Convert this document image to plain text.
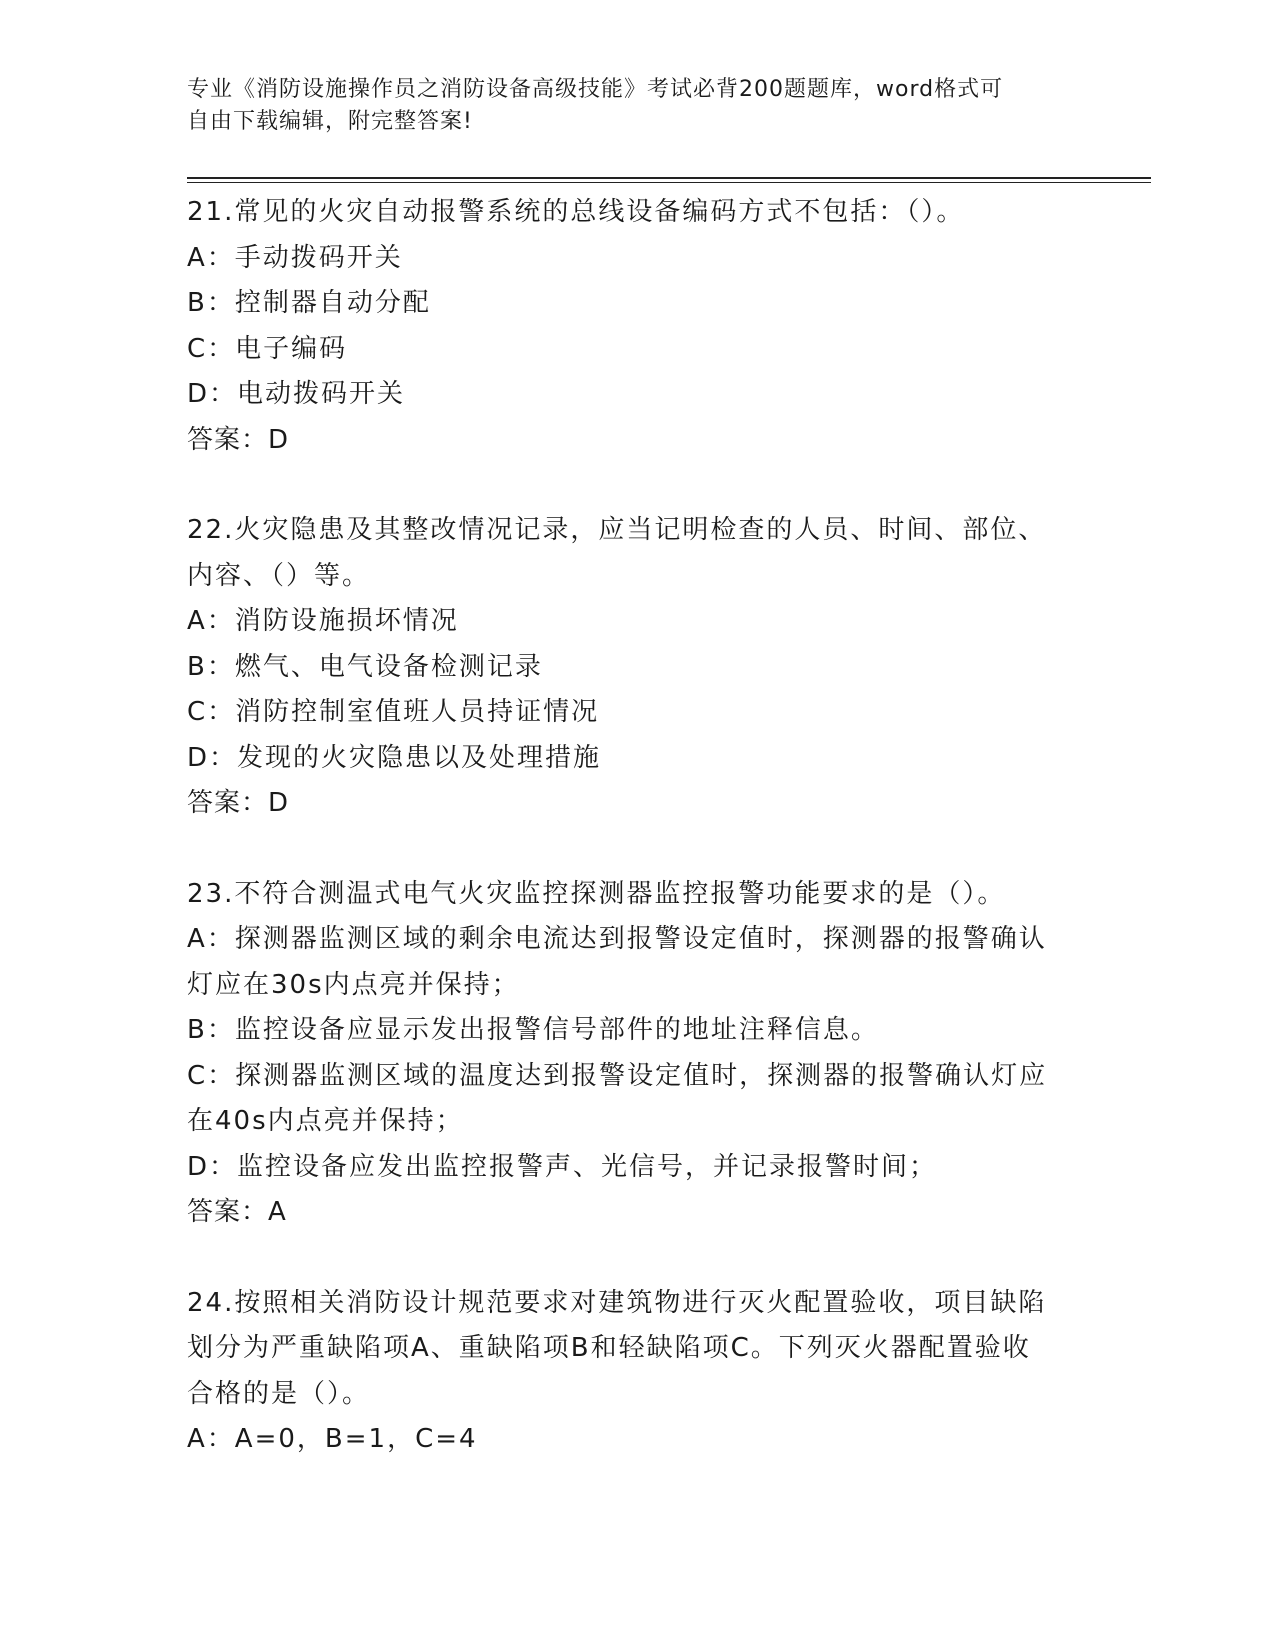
专业《消防设施操作员之消防设备高级技能》考试必背200题题库，word格式可
自由下载编辑，附完整答案!
21.常见的火灾自动报警系统的总线设备编码方式不包括：（）。
A：手动拨码开关
B：控制器自动分配
C：电子编码
D：电动拨码开关
答案：D
22.火灾隐患及其整改情况记录，应当记明检查的人员、时间、部位、
内容、（）等。
A：消防设施损坏情况
B：燃气、电气设备检测记录
C：消防控制室值班人员持证情况
D：发现的火灾隐患以及处理措施
答案：D
23.不符合测温式电气火灾监控探测器监控报警功能要求的是（）。
A：探测器监测区域的剩余电流达到报警设定值时，探测器的报警确认
灯应在30s内点亮并保持；
B：监控设备应显示发出报警信号部件的地址注释信息。
C：探测器监测区域的温度达到报警设定值时，探测器的报警确认灯应
在40s内点亮并保持；
D：监控设备应发出监控报警声、光信号，并记录报警时间；
答案：A
24.按照相关消防设计规范要求对建筑物进行灭火配置验收，项目缺陷
划分为严重缺陷项A、重缺陷项B和轻缺陷项C。下列灭火器配置验收
合格的是（）。
A：A=0，B=1，C=4
